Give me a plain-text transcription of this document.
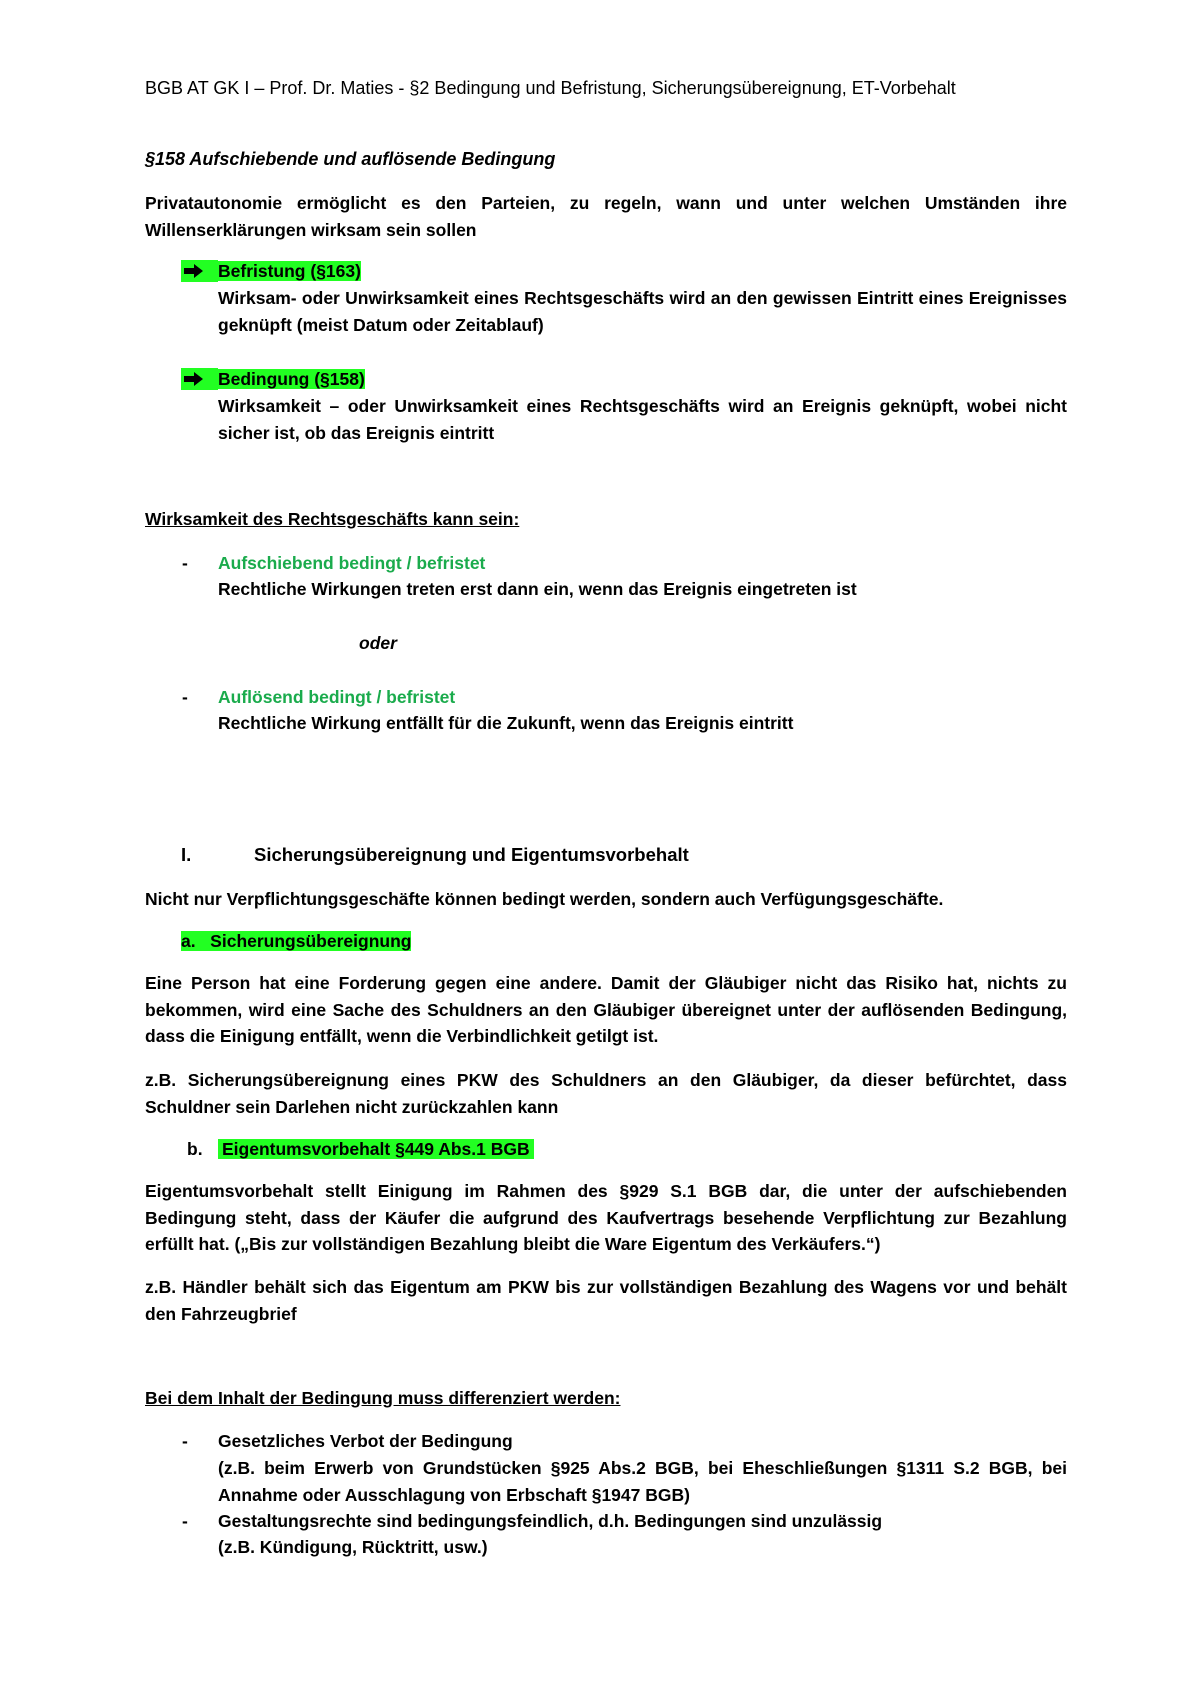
BGB AT GK I – Prof. Dr. Maties - §2 Bedingung und Befristung, Sicherungsübereignung, ET-Vorbehalt
§158 Aufschiebende und auflösende Bedingung
Privatautonomie ermöglicht es den Parteien, zu regeln, wann und unter welchen Umständen ihre Willenserklärungen wirksam sein sollen
Befristung (§163)
Wirksam- oder Unwirksamkeit eines Rechtsgeschäfts wird an den gewissen Eintritt eines Ereignisses geknüpft (meist Datum oder Zeitablauf)
Bedingung (§158)
Wirksamkeit – oder Unwirksamkeit eines Rechtsgeschäfts wird an Ereignis geknüpft, wobei nicht sicher ist, ob das Ereignis eintritt
Wirksamkeit des Rechtsgeschäfts kann sein:
- Aufschiebend bedingt / befristet
Rechtliche Wirkungen treten erst dann ein, wenn das Ereignis eingetreten ist
oder
- Auflösend bedingt / befristet
Rechtliche Wirkung entfällt für die Zukunft, wenn das Ereignis eintritt
I.	Sicherungsübereignung und Eigentumsvorbehalt
Nicht nur Verpflichtungsgeschäfte können bedingt werden, sondern auch Verfügungsgeschäfte.
a.   Sicherungsübereignung
Eine Person hat eine Forderung gegen eine andere. Damit der Gläubiger nicht das Risiko hat, nichts zu bekommen, wird eine Sache des Schuldners an den Gläubiger übereignet unter der auflösenden Bedingung, dass die Einigung entfällt, wenn die Verbindlichkeit getilgt ist.
z.B. Sicherungsübereignung eines PKW des Schuldners an den Gläubiger, da dieser befürchtet, dass Schuldner sein Darlehen nicht zurückzahlen kann
b. Eigentumsvorbehalt §449 Abs.1 BGB
Eigentumsvorbehalt stellt Einigung im Rahmen des §929 S.1 BGB dar, die unter der aufschiebenden Bedingung steht, dass der Käufer die aufgrund des Kaufvertrags besehende Verpflichtung zur Bezahlung erfüllt hat. („Bis zur vollständigen Bezahlung bleibt die Ware Eigentum des Verkäufers.“)
z.B. Händler behält sich das Eigentum am PKW bis zur vollständigen Bezahlung des Wagens vor und behält den Fahrzeugbrief
Bei dem Inhalt der Bedingung muss differenziert werden:
- Gesetzliches Verbot der Bedingung
(z.B. beim Erwerb von Grundstücken §925 Abs.2 BGB, bei Eheschließungen §1311 S.2 BGB, bei Annahme oder Ausschlagung von Erbschaft §1947 BGB)
- Gestaltungsrechte sind bedingungsfeindlich, d.h. Bedingungen sind unzulässig
(z.B. Kündigung, Rücktritt, usw.)
